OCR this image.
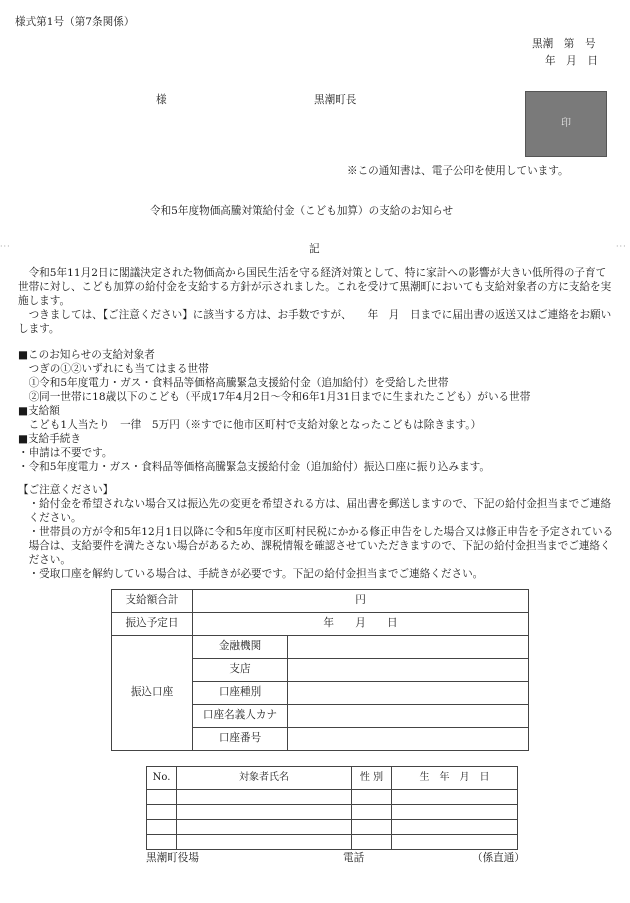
様式第1号（第7条関係）
黒潮　第　号
年　月　日
様	黒潮町長
印
※この通知書は、電子公印を使用しています。
令和5年度物価高騰対策給付金（こども加算）の支給のお知らせ
···	···
記

令和5年11月2日に閣議決定された物価高から国民生活を守る経済対策として、特に家計への影響が大きい低所得の子育て世帯に対し、こども加算の給付金を支給する方針が示されました。これを受けて黒潮町においても支給対象者の方に支給を実施します。

つきましては、【ご注意ください】に該当する方は、お手数ですが、　　年　月　日までに届出書の返送又はご連絡をお願いします。

■このお知らせの支給対象者

つぎの①②いずれにも当てはまる世帯

①令和5年度電力・ガス・食料品等価格高騰緊急支援給付金（追加給付）を受給した世帯

②同一世帯に18歳以下のこども（平成17年4月2日～令和6年1月31日までに生まれたこども）がいる世帯

■支給額

こども1人当たり　一律　5万円（※すでに他市区町村で支給対象となったこどもは除きます。）

■支給手続き

・申請は不要です。

・令和5年度電力・ガス・食料品等価格高騰緊急支援給付金（追加給付）振込口座に振り込みます。

【ご注意ください】

・給付金を希望されない場合又は振込先の変更を希望される方は、届出書を郵送しますので、下記の給付金担当までご連絡ください。

・世帯員の方が令和5年12月1日以降に令和5年度市区町村民税にかかる修正申告をした場合又は修正申告を予定されている場合は、支給要件を満たさない場合があるため、課税情報を確認させていただきますので、下記の給付金担当までご連絡ください。

・受取口座を解約している場合は、手続きが必要です。下記の給付金担当までご連絡ください。

支給額合計	円	
振込予定日	年　　月　　日	
振込口座	金融機関	
	支店	
	口座種別	
	口座名義人カナ	
	口座番号	
No.	対象者氏名	性 別	生　年　月　日

黒潮町役場	電話	（係直通）
